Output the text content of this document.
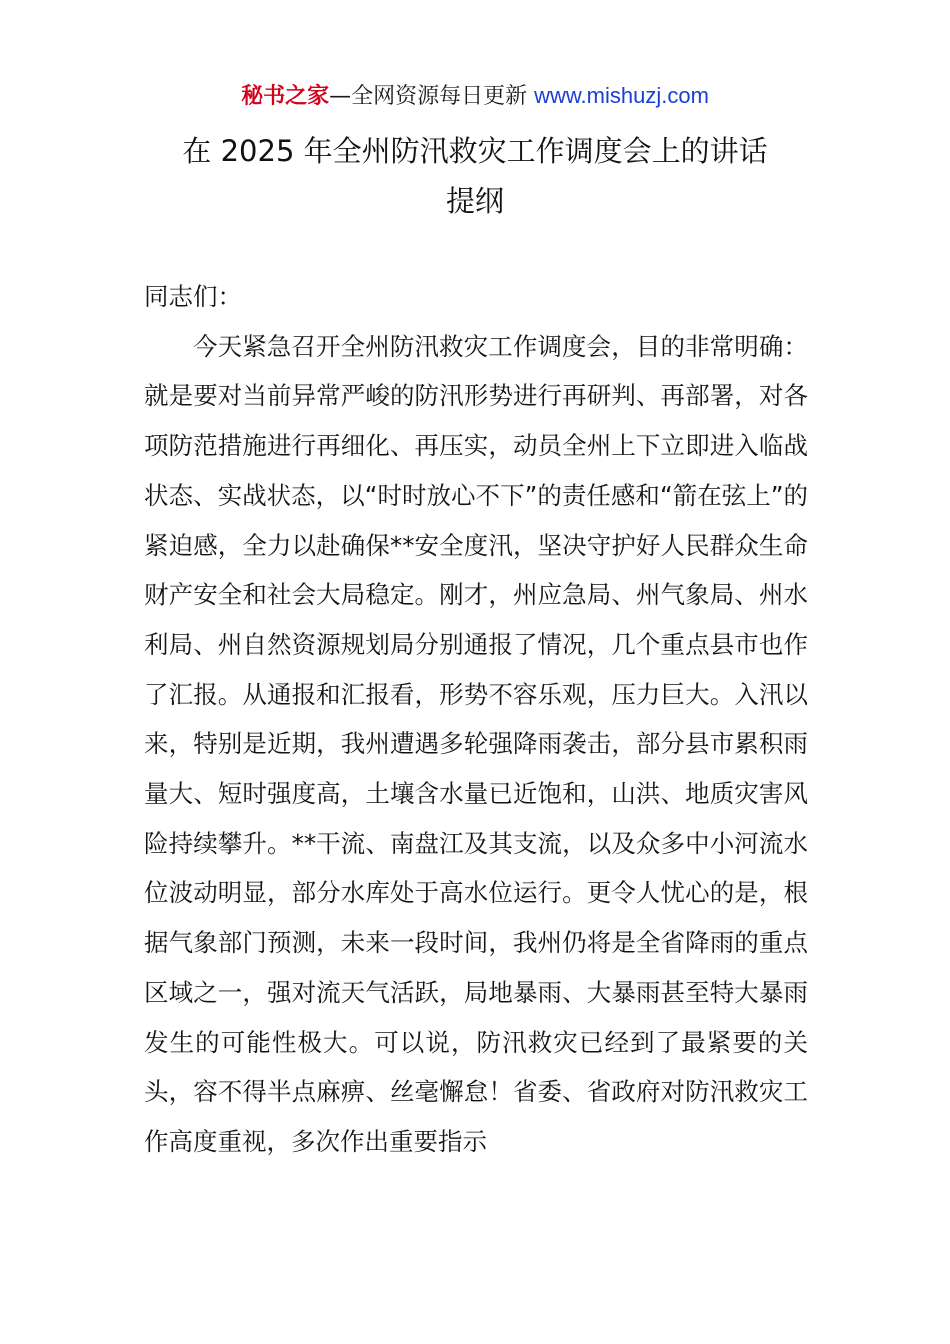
秘书之家—全网资源每日更新 www.mishuzj.com
在 2025 年全州防汛救灾工作调度会上的讲话
提纲

同志们：

今天紧急召开全州防汛救灾工作调度会，目的非常明确：就是要对当前异常严峻的防汛形势进行再研判、再部署，对各项防范措施进行再细化、再压实，动员全州上下立即进入临战状态、实战状态，以“时时放心不下”的责任感和“箭在弦上”的紧迫感，全力以赴确保**安全度汛，坚决守护好人民群众生命财产安全和社会大局稳定。刚才，州应急局、州气象局、州水利局、州自然资源规划局分别通报了情况，几个重点县市也作了汇报。从通报和汇报看，形势不容乐观，压力巨大。入汛以来，特别是近期，我州遭遇多轮强降雨袭击，部分县市累积雨量大、短时强度高，土壤含水量已近饱和，山洪、地质灾害风险持续攀升。**干流、南盘江及其支流，以及众多中小河流水位波动明显，部分水库处于高水位运行。更令人忧心的是，根据气象部门预测，未来一段时间，我州仍将是全省降雨的重点区域之一，强对流天气活跃，局地暴雨、大暴雨甚至特大暴雨发生的可能性极大。可以说，防汛救灾已经到了最紧要的关头，容不得半点麻痹、丝毫懈怠！省委、省政府对防汛救灾工作高度重视，多次作出重要指示
